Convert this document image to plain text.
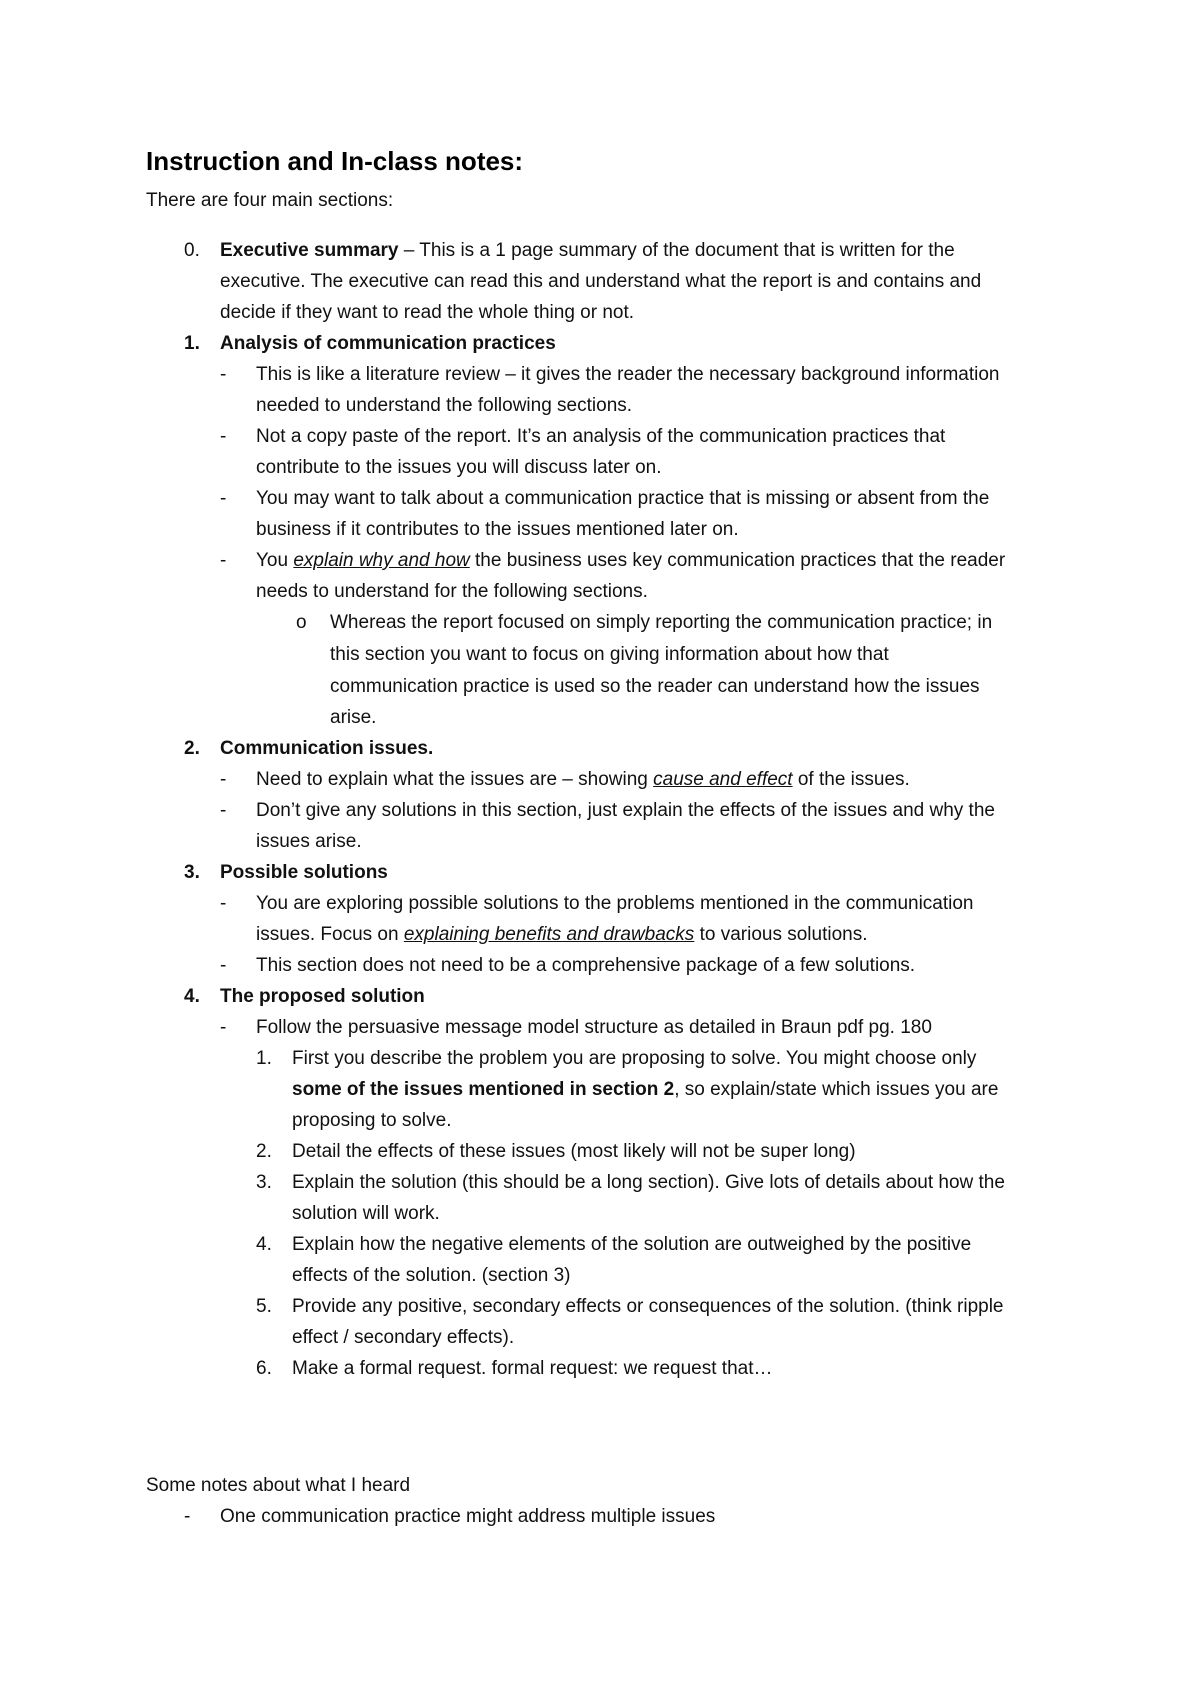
Instruction and In-class notes:
There are four main sections:
0. Executive summary – This is a 1 page summary of the document that is written for the
executive. The executive can read this and understand what the report is and contains and
decide if they want to read the whole thing or not.
1. Analysis of communication practices
- This is like a literature review – it gives the reader the necessary background information
needed to understand the following sections.
- Not a copy paste of the report. It’s an analysis of the communication practices that
contribute to the issues you will discuss later on.
- You may want to talk about a communication practice that is missing or absent from the
business if it contributes to the issues mentioned later on.
- You explain why and how the business uses key communication practices that the reader
needs to understand for the following sections.
o Whereas the report focused on simply reporting the communication practice; in
this section you want to focus on giving information about how that
communication practice is used so the reader can understand how the issues
arise.
2. Communication issues.
- Need to explain what the issues are – showing cause and effect of the issues.
- Don’t give any solutions in this section, just explain the effects of the issues and why the
issues arise.
3. Possible solutions
- You are exploring possible solutions to the problems mentioned in the communication
issues. Focus on explaining benefits and drawbacks to various solutions.
- This section does not need to be a comprehensive package of a few solutions.
4. The proposed solution
- Follow the persuasive message model structure as detailed in Braun pdf pg. 180
1. First you describe the problem you are proposing to solve. You might choose only
some of the issues mentioned in section 2, so explain/state which issues you are
proposing to solve.
2. Detail the effects of these issues (most likely will not be super long)
3. Explain the solution (this should be a long section). Give lots of details about how the
solution will work.
4. Explain how the negative elements of the solution are outweighed by the positive
effects of the solution. (section 3)
5. Provide any positive, secondary effects or consequences of the solution. (think ripple
effect / secondary effects).
6. Make a formal request. formal request: we request that…
Some notes about what I heard
- One communication practice might address multiple issues
